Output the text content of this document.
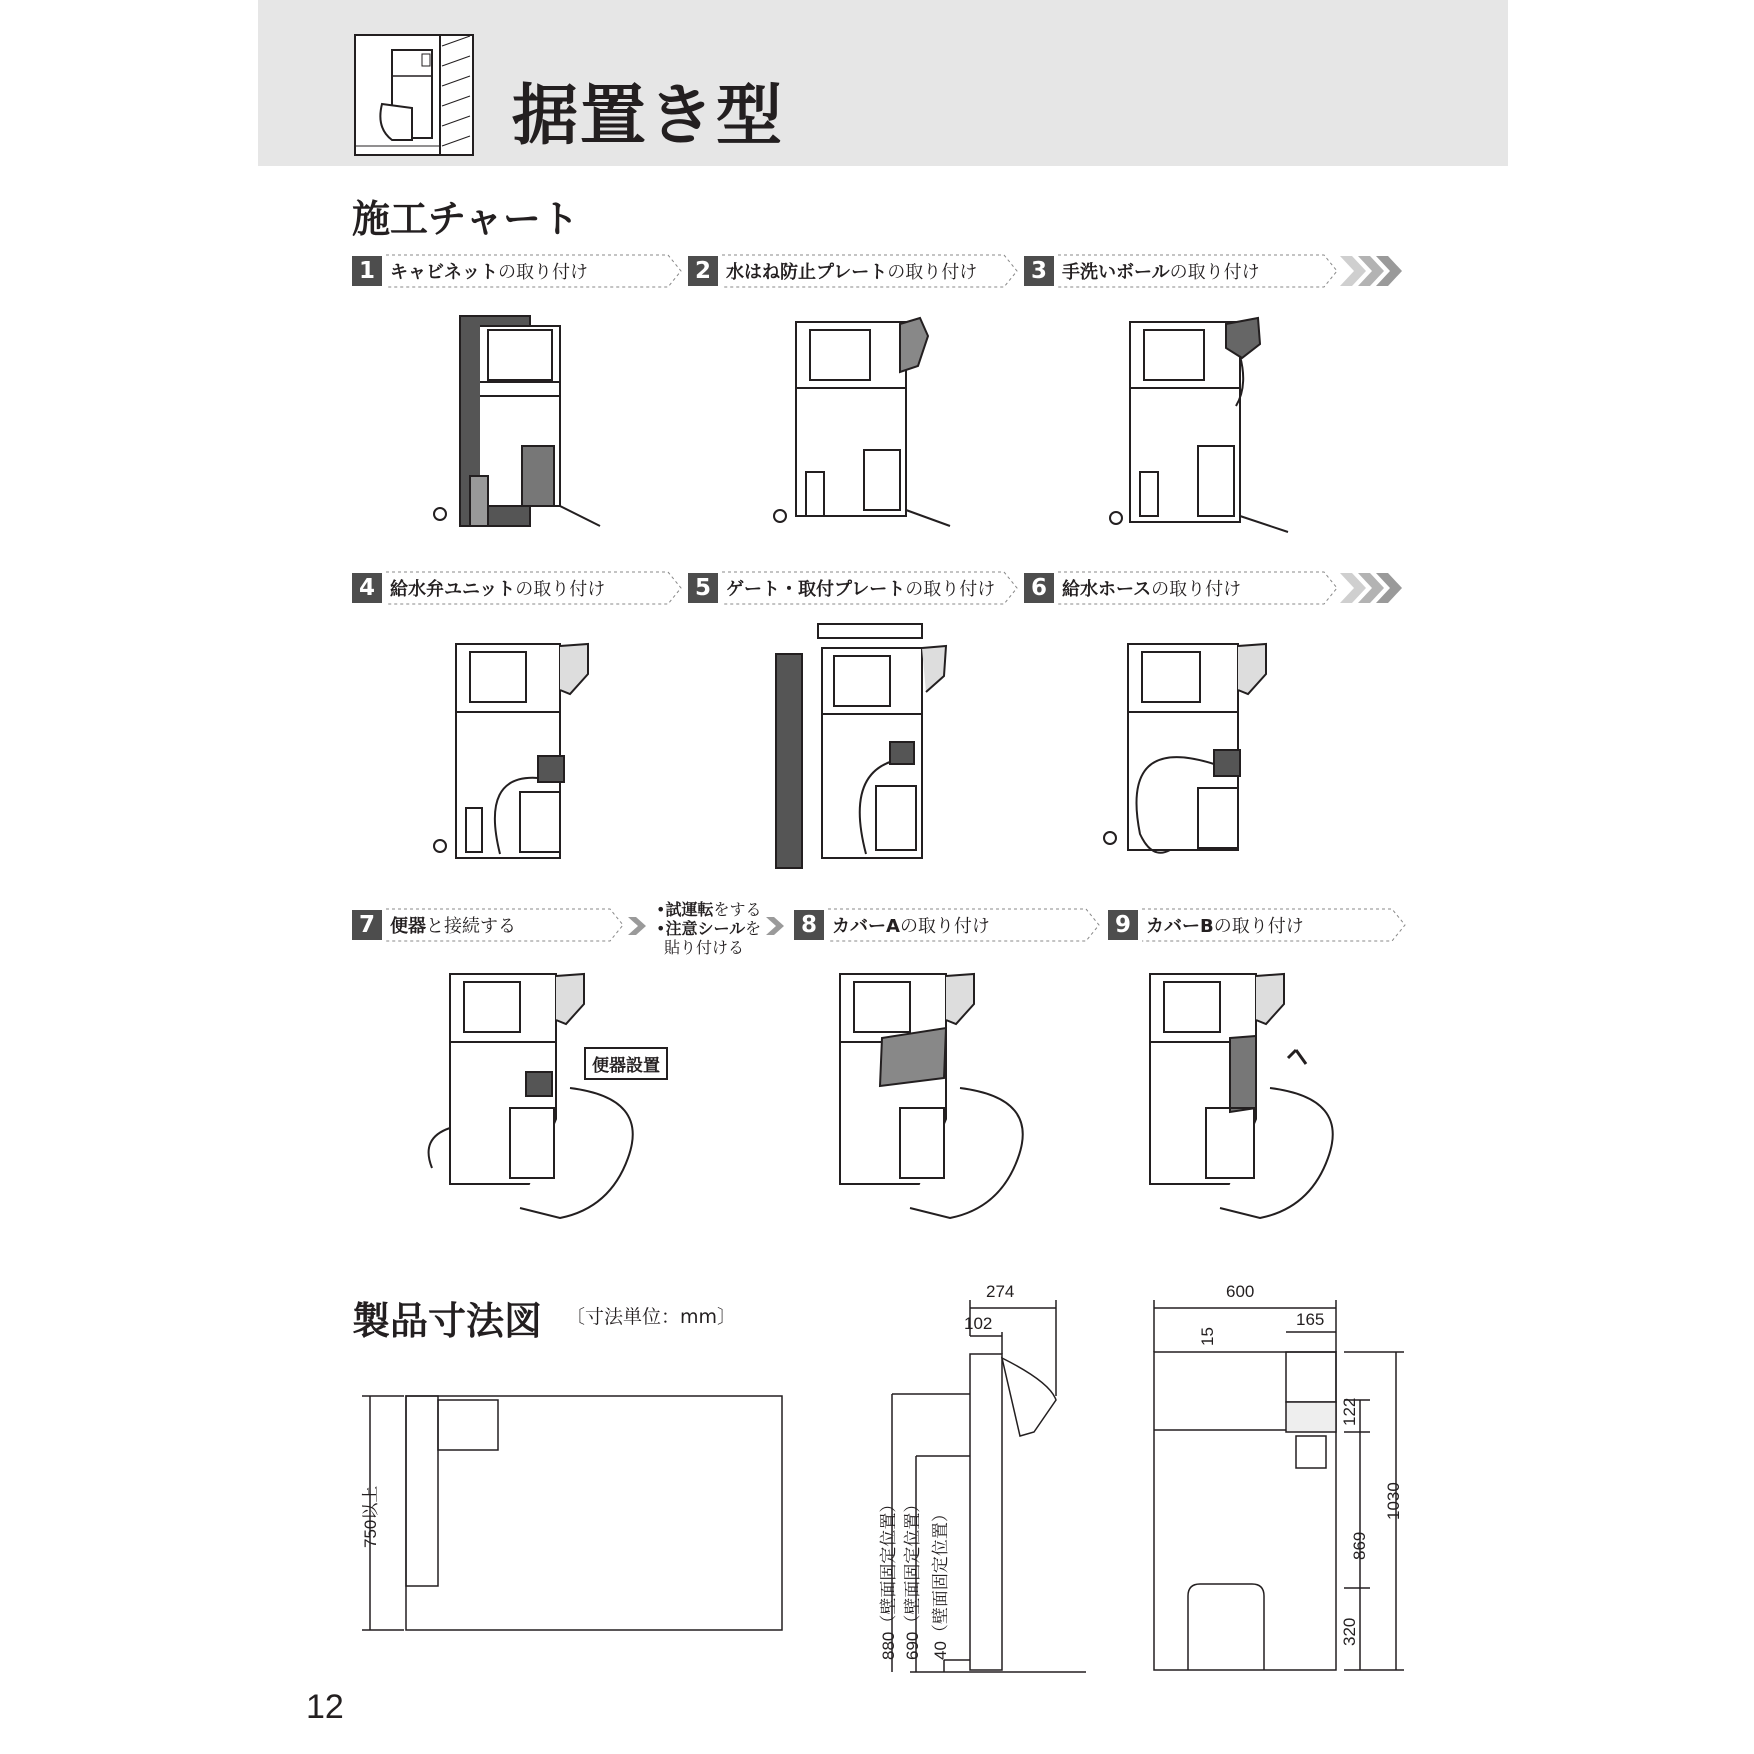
据置き型
施工チャート
1 キャビネットの取り付け	2 水はね防止プレートの取り付け	3 手洗いボールの取り付け
4 給水弁ユニットの取り付け	5 ゲート・取付プレートの取り付け	6 給水ホースの取り付け
7 便器と接続する
•試運転をする
•注意シールを
貼り付ける
8 カバーAの取り付け	9 カバーBの取り付け
便器設置
製品寸法図 〔寸法単位：mm〕
750以上
274
102
880（壁面固定位置） 690（壁面固定位置） 40（壁面固定位置）
600
165
15
122
1030
869
320
12
